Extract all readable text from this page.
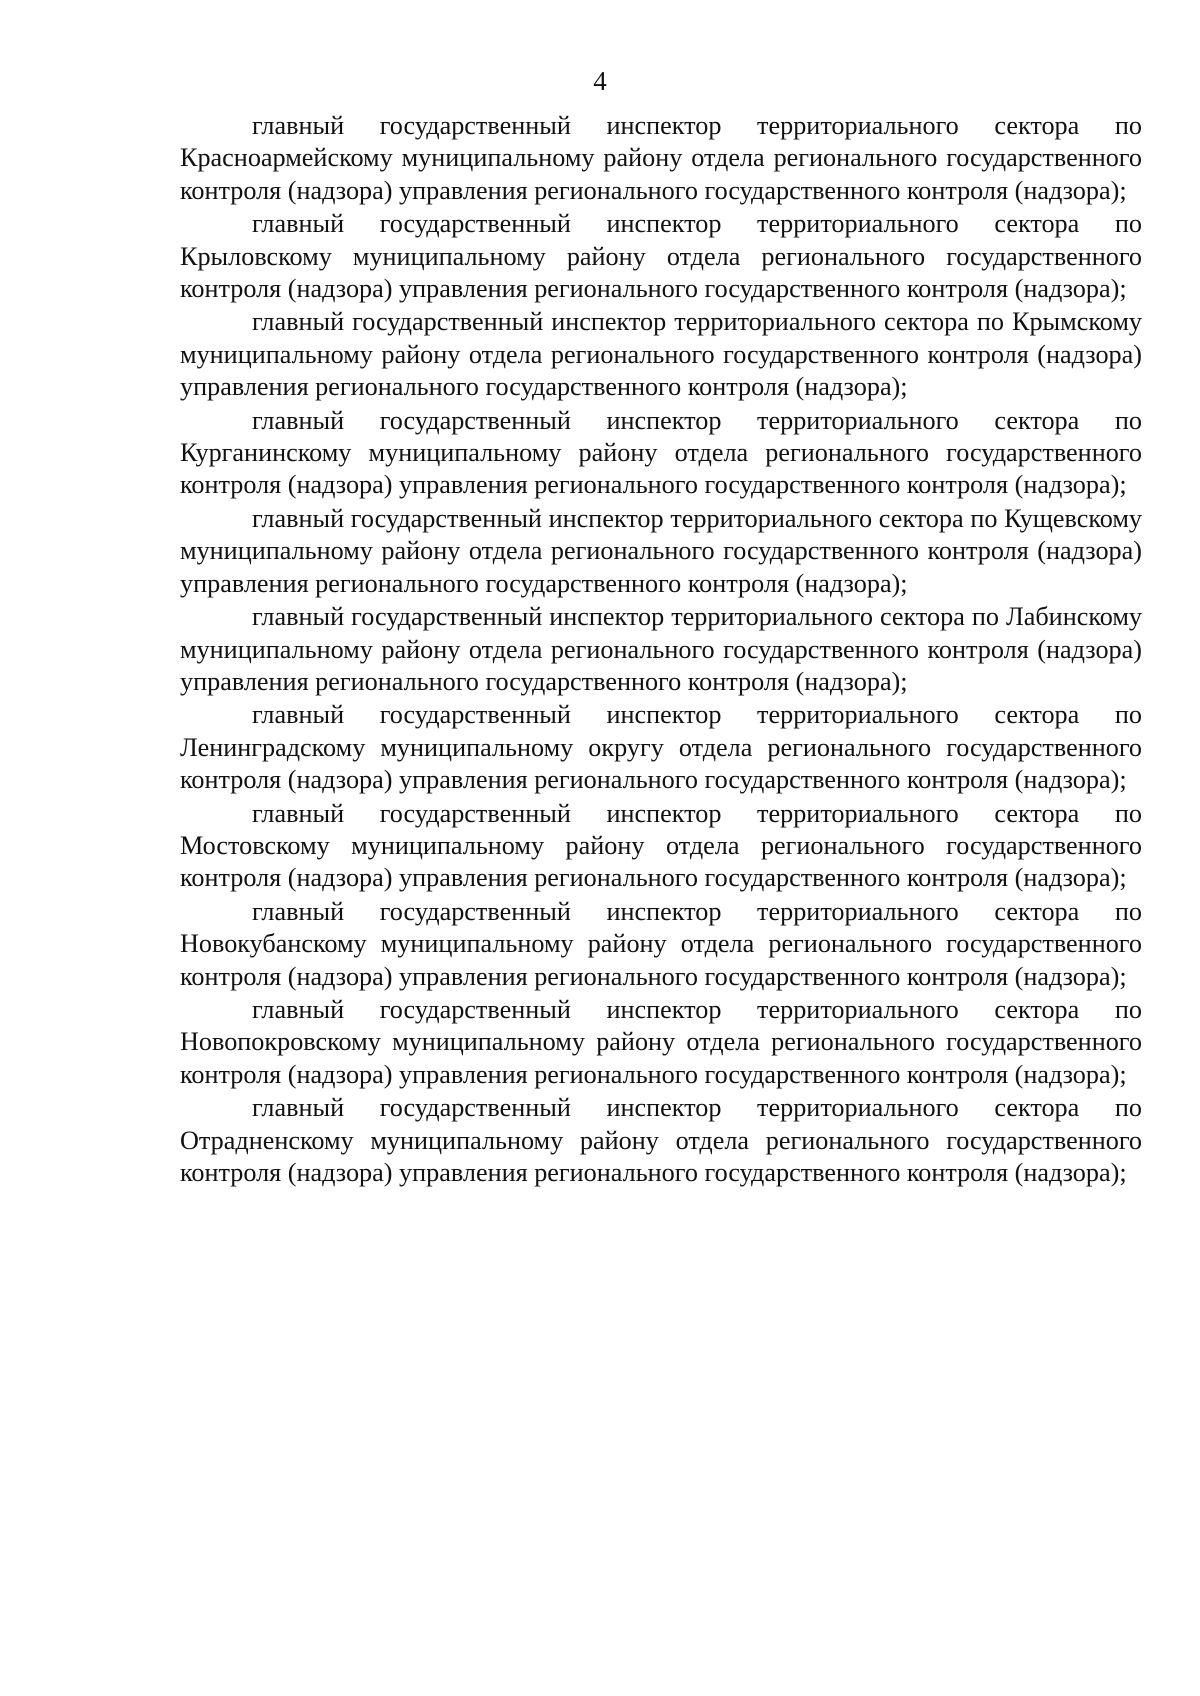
4

главный государственный инспектор территориального сектора по Красноармейскому муниципальному району отдела регионального государственного контроля (надзора) управления регионального государственного контроля (надзора);

главный государственный инспектор территориального сектора по Крыловскому муниципальному району отдела регионального государственного контроля (надзора) управления регионального государственного контроля (надзора);

главный государственный инспектор территориального сектора по Крымскому муниципальному району отдела регионального государственного контроля (надзора) управления регионального государственного контроля (надзора);

главный государственный инспектор территориального сектора по Курганинскому муниципальному району отдела регионального государственного контроля (надзора) управления регионального государственного контроля (надзора);

главный государственный инспектор территориального сектора по Кущевскому муниципальному району отдела регионального государственного контроля (надзора) управления регионального государственного контроля (надзора);

главный государственный инспектор территориального сектора по Лабинскому муниципальному району отдела регионального государственного контроля (надзора) управления регионального государственного контроля (надзора);

главный государственный инспектор территориального сектора по Ленинградскому муниципальному округу отдела регионального государственного контроля (надзора) управления регионального государственного контроля (надзора);

главный государственный инспектор территориального сектора по Мостовскому муниципальному району отдела регионального государственного контроля (надзора) управления регионального государственного контроля (надзора);

главный государственный инспектор территориального сектора по Новокубанскому муниципальному району отдела регионального государственного контроля (надзора) управления регионального государственного контроля (надзора);

главный государственный инспектор территориального сектора по Новопокровскому муниципальному району отдела регионального государственного контроля (надзора) управления регионального государственного контроля (надзора);

главный государственный инспектор территориального сектора по Отрадненскому муниципальному району отдела регионального государственного контроля (надзора) управления регионального государственного контроля (надзора);
